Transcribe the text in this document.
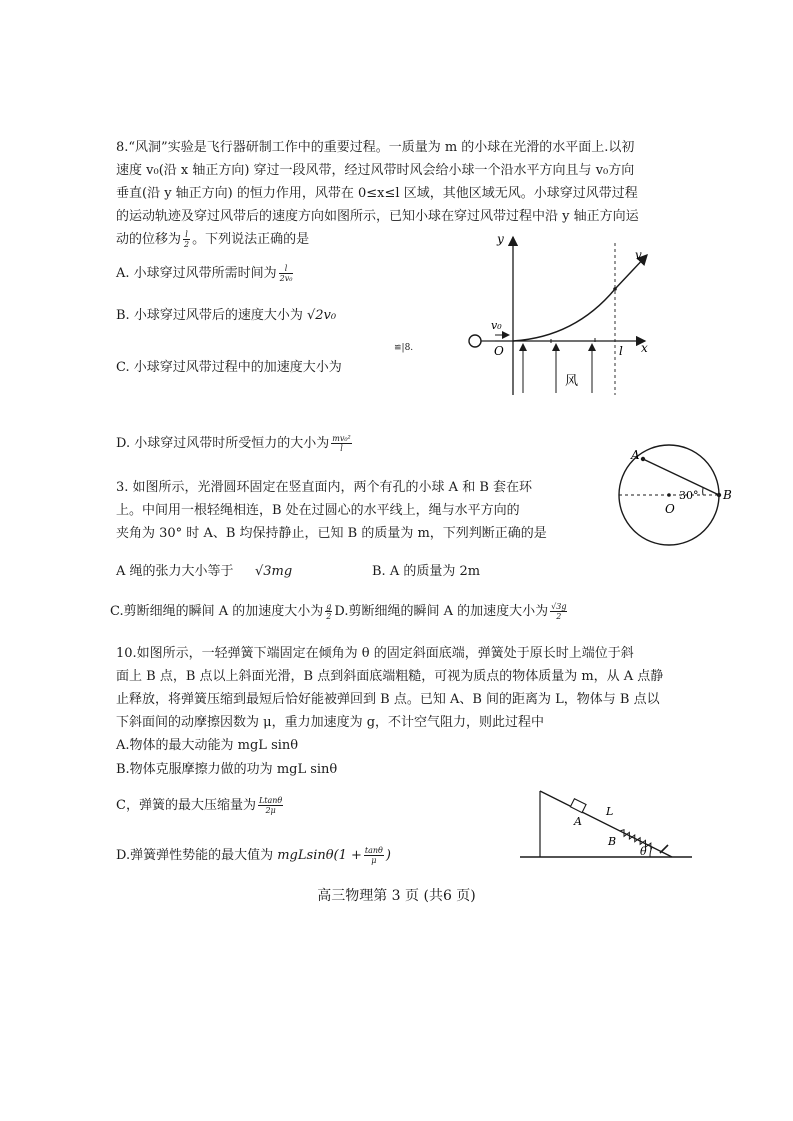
8.“风洞”实验是飞行器研制工作中的重要过程。一质量为 m 的小球在光滑的水平面上.以初
速度 v₀(沿 x 轴正方向) 穿过一段风带，经过风带时风会给小球一个沿水平方向且与 v₀方向
垂直(沿 y 轴正方向) 的恒力作用，风带在 0≤x≤l 区域，其他区域无风。小球穿过风带过程
的运动轨迹及穿过风带后的速度方向如图所示，已知小球在穿过风带过程中沿 y 轴正方向运
动的位移为 $\frac{l}{2}$ 。下列说法正确的是
A. 小球穿过风带所需时间为 $\frac{l}{\text{2v₀}}$
B. 小球穿过风带后的速度大小为 √2v₀
C. 小球穿过风带过程中的加速度大小为
≌|8.
D. 小球穿过风带时所受恒力的大小为 $\frac{\text{mv₀²}}{l}$
y
v
v₀
O	l x
风
3. 如图所示，光滑圆环固定在竖直面内，两个有孔的小球 A 和 B 套在环
上。中间用一根轻绳相连，B 处在过圆心的水平线上，绳与水平方向的
夹角为 30° 时 A、B 均保持静止，已知 B 的质量为 m，下列判断正确的是
A 绳的张力大小等于 √3mg	B. A 的质量为 2m
C.剪断细绳的瞬间 A 的加速度大小为 $\frac{g}{2} D$.剪断细绳的瞬间 A 的加速度大小为 $\frac{√3g}{2}$
A
B
O
30°
10.如图所示，一轻弹簧下端固定在倾角为 θ 的固定斜面底端，弹簧处于原长时上端位于斜
面上 B 点，B 点以上斜面光滑，B 点到斜面底端粗糙，可视为质点的物体质量为 m，从 A 点静
止释放，将弹簧压缩到最短后恰好能被弹回到 B 点。已知 A、B 间的距离为 L，物体与 B 点以
下斜面间的动摩擦因数为 μ，重力加速度为 g，不计空气阻力，则此过程中
A.物体的最大动能为 mgL sinθ
B.物体克服摩擦力做的功为 mgL sinθ
C，弹簧的最大压缩量为 $\frac{Ltan\theta}{2\mu}$
D.弹簧弹性势能的最大值为 $mgLsin\theta(1 + \frac{\tan\theta}{\mu}$ )
A
L
B
θ
高三物理第 3 页 (共6 页)
